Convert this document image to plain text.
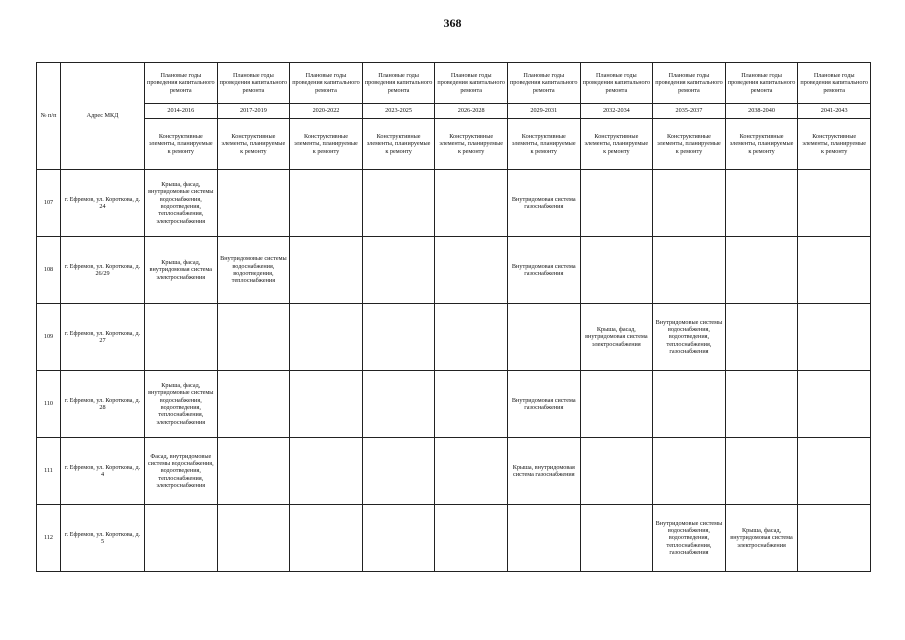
368
№ п/п	Адрес МКД	Плановые годы проведения капитального ремонта	Плановые годы проведения капитального ремонта	Плановые годы проведения капитального ремонта	Плановые годы проведения капитального ремонта	Плановые годы проведения капитального ремонта	Плановые годы проведения капитального ремонта	Плановые годы проведения капитального ремонта	Плановые годы проведения капитального ремонта	Плановые годы проведения капитального ремонта	Плановые годы проведения капитального ремонта
		2014-2016	2017-2019	2020-2022	2023-2025	2026-2028	2029-2031	2032-2034	2035-2037	2038-2040	2041-2043
		Конструктивные элементы, планируемые к ремонту	Конструктивные элементы, планируемые к ремонту	Конструктивные элементы, планируемые к ремонту	Конструктивные элементы, планируемые к ремонту	Конструктивные элементы, планируемые к ремонту	Конструктивные элементы, планируемые к ремонту	Конструктивные элементы, планируемые к ремонту	Конструктивные элементы, планируемые к ремонту	Конструктивные элементы, планируемые к ремонту	Конструктивные элементы, планируемые к ремонту
107	г. Ефремов, ул. Короткова, д. 24	Крыша, фасад, внутридомовые системы водоснабжения, водоотведения, теплоснабжения, электроснабжения					Внутридомовая система газоснабжения				
108	г. Ефремов, ул. Короткова, д. 26/29	Крыша, фасад, внутридомовая система электроснабжения	Внутридомовые системы водоснабжения, водоотведения, теплоснабжения				Внутридомовая система газоснабжения				
109	г. Ефремов, ул. Короткова, д. 27							Крыша, фасад, внутридомовая система электроснабжения	Внутридомовые системы водоснабжения, водоотведения, теплоснабжения, газоснабжения		
110	г. Ефремов, ул. Короткова, д. 28	Крыша, фасад, внутридомовые системы водоснабжения, водоотведения, теплоснабжения, электроснабжения					Внутридомовая система газоснабжения				
111	г. Ефремов, ул. Короткова, д. 4	Фасад, внутридомовые системы водоснабжения, водоотведения, теплоснабжения, электроснабжения					Крыша, внутридомовая система газоснабжения				
112	г. Ефремов, ул. Короткова, д. 5								Внутридомовые системы водоснабжения, водоотведения, теплоснабжения, газоснабжения	Крыша, фасад, внутридомовая система электроснабжения	
